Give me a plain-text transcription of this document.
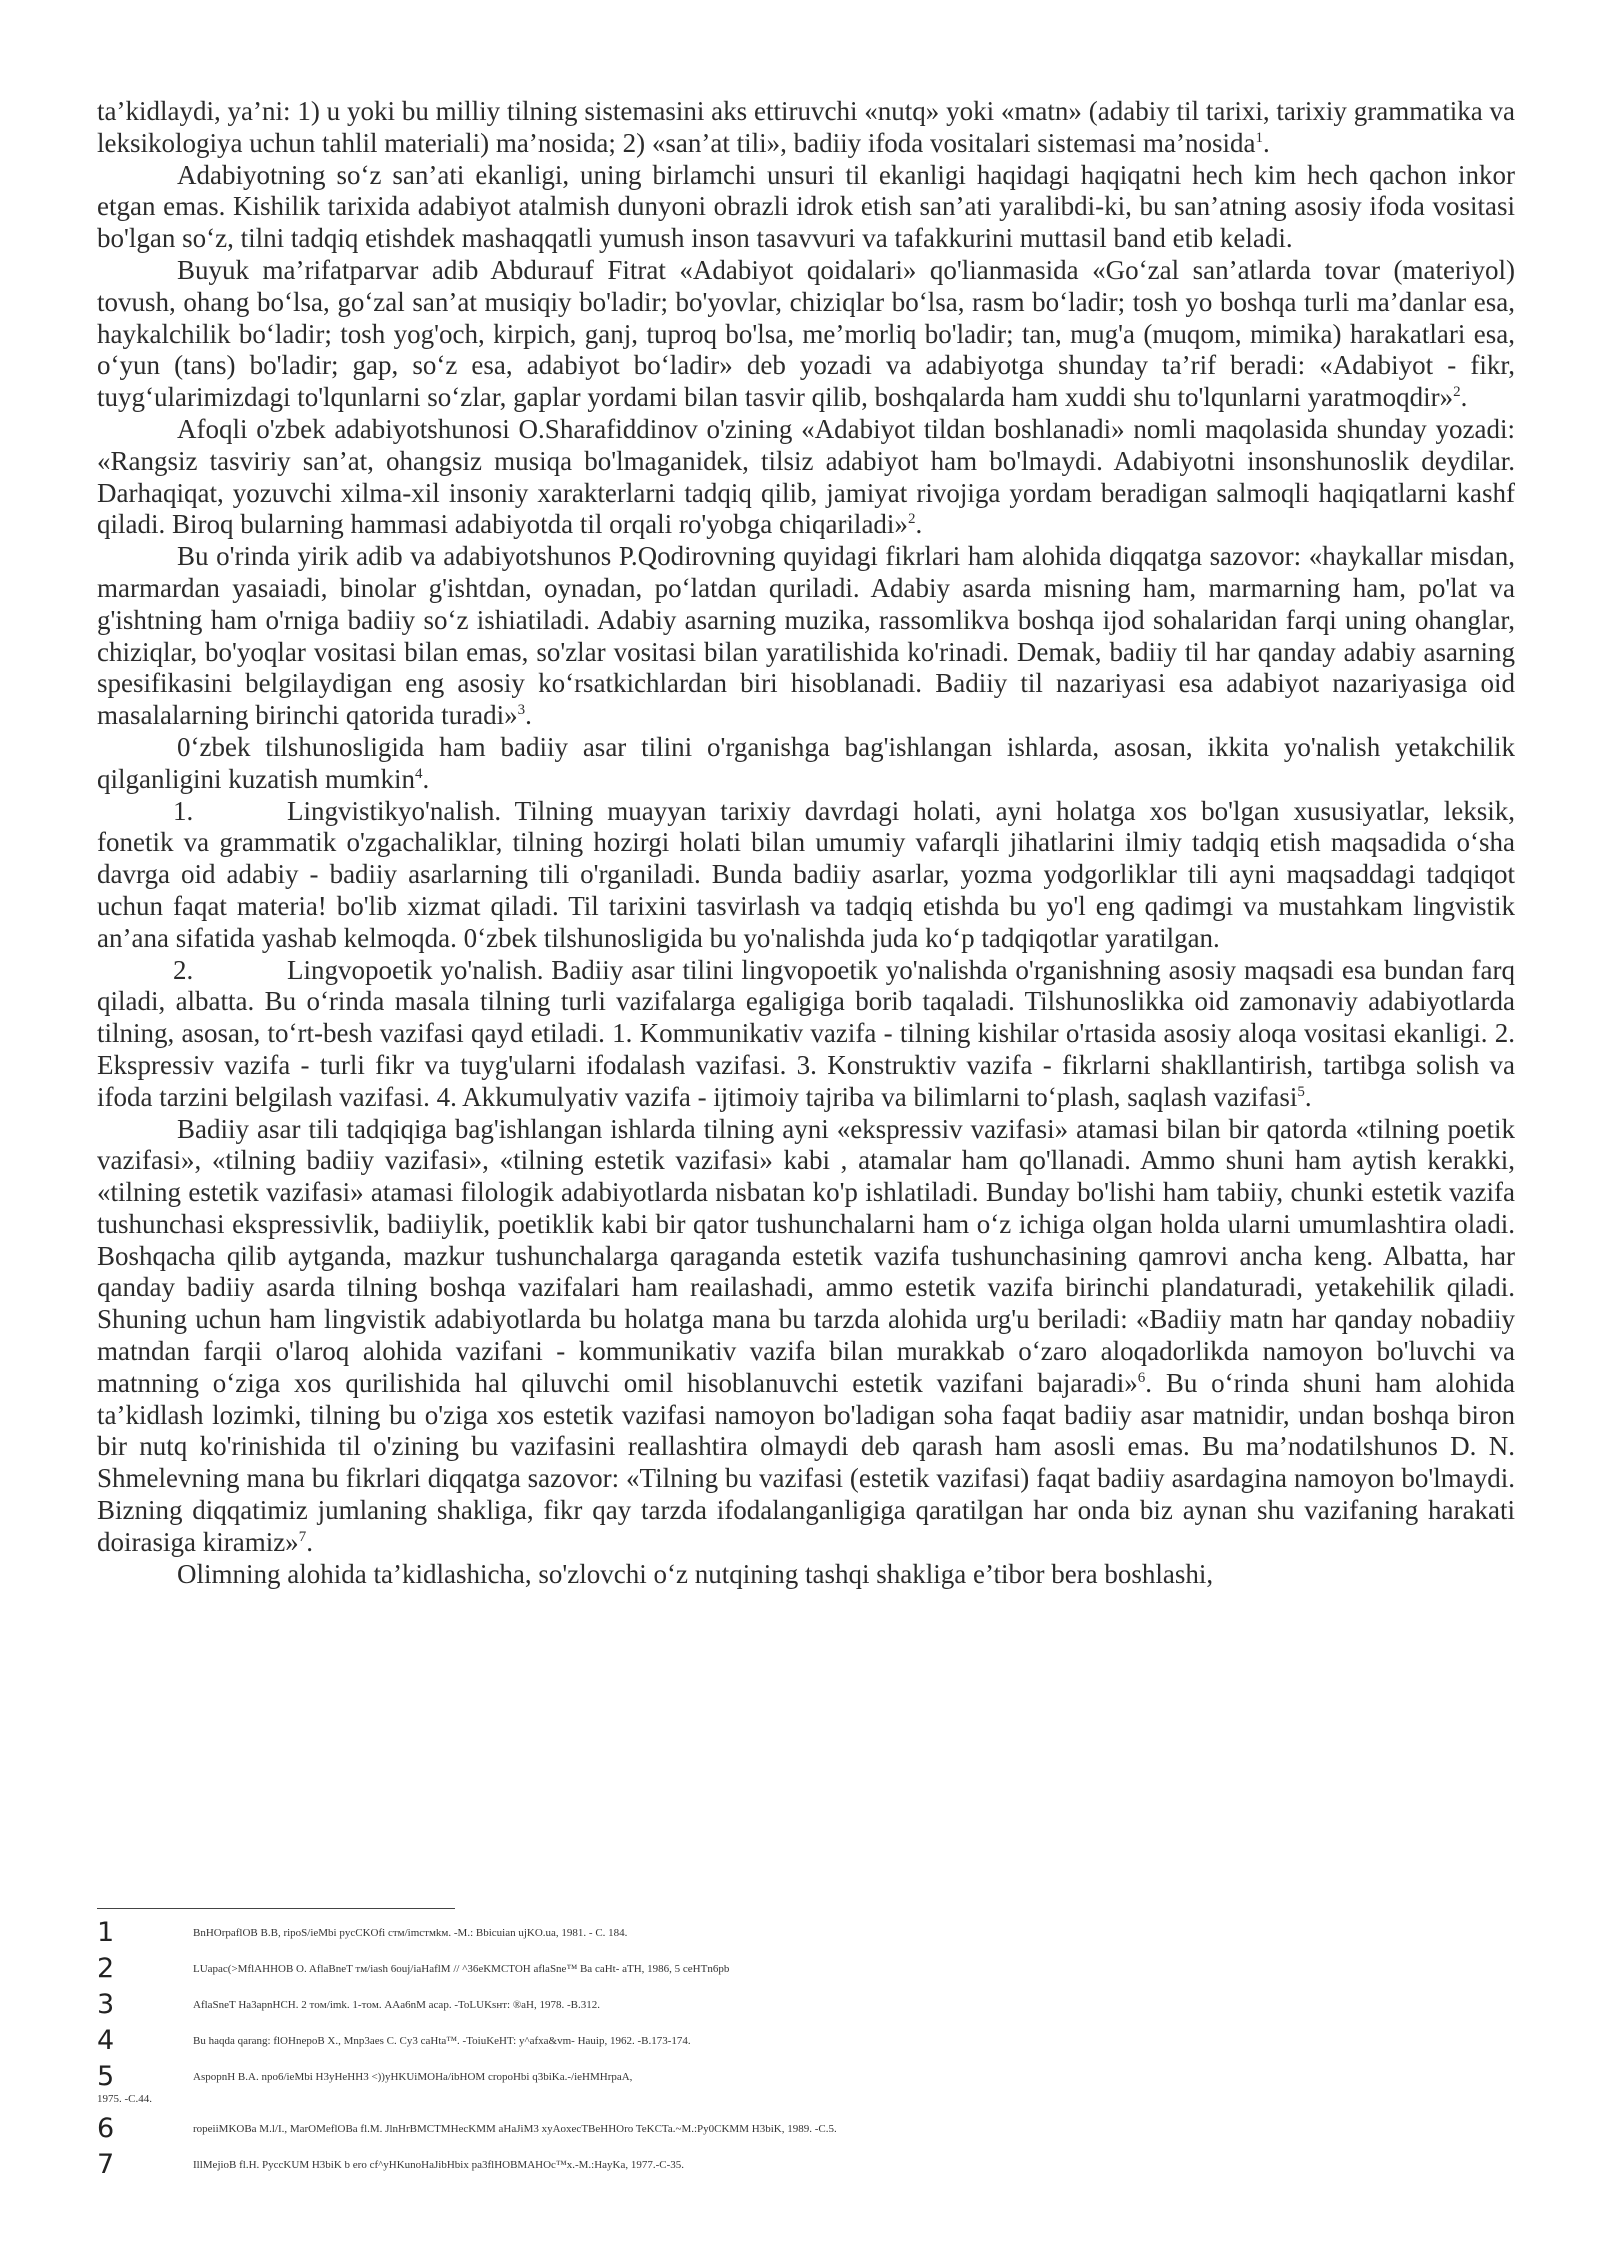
ta’kidlaydi, ya’ni: 1) u yoki bu milliy tilning sistemasini aks ettiruvchi «nutq» yoki «matn» (adabiy til tarixi, tarixiy grammatika va leksikologiya uchun tahlil materiali) ma’nosida; 2) «san’at tili», badiiy ifoda vositalari sistemasi ma’nosida$^1$.

Adabiyotning so‘z san’ati ekanligi, uning birlamchi unsuri til ekanligi haqidagi haqiqatni hech kim hech qachon inkor etgan emas. Kishilik tarixida adabiyot atalmish dunyoni obrazli idrok etish san’ati yaralibdi-ki, bu san’atning asosiy ifoda vositasi bo'lgan so‘z, tilni tadqiq etishdek mashaqqatli yumush inson tasavvuri va tafakkurini muttasil band etib keladi.

Buyuk ma’rifatparvar adib Abdurauf Fitrat «Adabiyot qoidalari» qo'lianmasida «Go‘zal san’atlarda tovar (materiyol) tovush, ohang bo‘lsa, go‘zal san’at musiqiy bo'ladir; bo'yovlar, chiziqlar bo‘lsa, rasm bo‘ladir; tosh yo boshqa turli ma’danlar esa, haykalchilik bo‘ladir; tosh yog'och, kirpich, ganj, tuproq bo'lsa, me’morliq bo'ladir; tan, mug'a (muqom, mimika) harakatlari esa, o‘yun (tans) bo'ladir; gap, so‘z esa, adabiyot bo‘ladir» deb yozadi va adabiyotga shunday ta’rif beradi: «Adabiyot - fikr, tuyg‘ularimizdagi to'lqunlarni so‘zlar, gaplar yordami bilan tasvir qilib, boshqalarda ham xuddi shu to'lqunlarni yaratmoqdir»$^2$.

Afoqli o'zbek adabiyotshunosi O.Sharafiddinov o'zining «Adabiyot tildan boshlanadi» nomli maqolasida shunday yozadi: «Rangsiz tasviriy san’at, ohangsiz musiqa bo'lmaganidek, tilsiz adabiyot ham bo'lmaydi. Adabiyotni insonshunoslik deydilar. Darhaqiqat, yozuvchi xilma-xil insoniy xarakterlarni tadqiq qilib, jamiyat rivojiga yordam beradigan salmoqli haqiqatlarni kashf qiladi. Biroq bularning hammasi adabiyotda til orqali ro'yobga chiqariladi»$^2$.

Bu o'rinda yirik adib va adabiyotshunos P.Qodirovning quyidagi fikrlari ham alohida diqqatga sazovor: «haykallar misdan, marmardan yasaiadi, binolar g'ishtdan, oynadan, po‘latdan quriladi. Adabiy asarda misning ham, marmarning ham, po'lat va g'ishtning ham o'rniga badiiy so‘z ishiatiladi. Adabiy asarning muzika, rassomlikva boshqa ijod sohalaridan farqi uning ohanglar, chiziqlar, bo'yoqlar vositasi bilan emas, so'zlar vositasi bilan yaratilishida ko'rinadi. Demak, badiiy til har qanday adabiy asarning spesifikasini belgilaydigan eng asosiy ko‘rsatkichlardan biri hisoblanadi. Badiiy til nazariyasi esa adabiyot nazariyasiga oid masalalarning birinchi qatorida turadi»$^3$.

0‘zbek tilshunosligida ham badiiy asar tilini o'rganishga bag'ishlangan ishlarda, asosan, ikkita yo'nalish yetakchilik qilganligini kuzatish mumkin$^4$.

1.	Lingvistikyo'nalish. Tilning muayyan tarixiy davrdagi holati, ayni holatga xos bo'lgan xususiyatlar, leksik, fonetik va grammatik o'zgachaliklar, tilning hozirgi holati bilan umumiy vafarqli jihatlarini ilmiy tadqiq etish maqsadida o‘sha davrga oid adabiy - badiiy asarlarning tili o'rganiladi. Bunda badiiy asarlar, yozma yodgorliklar tili ayni maqsaddagi tadqiqot uchun faqat materia! bo'lib xizmat qiladi. Til tarixini tasvirlash va tadqiq etishda bu yo'l eng qadimgi va mustahkam lingvistik an’ana sifatida yashab kelmoqda. 0‘zbek tilshunosligida bu yo'nalishda juda ko‘p tadqiqotlar yaratilgan.

2.	Lingvopoetik yo'nalish. Badiiy asar tilini lingvopoetik yo'nalishda o'rganishning asosiy maqsadi esa bundan farq qiladi, albatta. Bu o‘rinda masala tilning turli vazifalarga egaligiga borib taqaladi. Tilshunoslikka oid zamonaviy adabiyotlarda tilning, asosan, to‘rt-besh vazifasi qayd etiladi. 1. Kommunikativ vazifa - tilning kishilar o'rtasida asosiy aloqa vositasi ekanligi. 2. Ekspressiv vazifa - turli fikr va tuyg'ularni ifodalash vazifasi. 3. Konstruktiv vazifa - fikrlarni shakllantirish, tartibga solish va ifoda tarzini belgilash vazifasi. 4. Akkumulyativ vazifa - ijtimoiy tajriba va bilimlarni to‘plash, saqlash vazifasi$^5$.

Badiiy asar tili tadqiqiga bag'ishlangan ishlarda tilning ayni «ekspressiv vazifasi» atamasi bilan bir qatorda «tilning poetik vazifasi», «tilning badiiy vazifasi», «tilning estetik vazifasi» kabi , atamalar ham qo'llanadi. Ammo shuni ham aytish kerakki, «tilning estetik vazifasi» atamasi filologik adabiyotlarda nisbatan ko'p ishlatiladi. Bunday bo'lishi ham tabiiy, chunki estetik vazifa tushunchasi ekspressivlik, badiiylik, poetiklik kabi bir qator tushunchalarni ham o‘z ichiga olgan holda ularni umumlashtira oladi. Boshqacha qilib aytganda, mazkur tushunchalarga qaraganda estetik vazifa tushunchasining qamrovi ancha keng. Albatta, har qanday badiiy asarda tilning boshqa vazifalari ham reailashadi, ammo estetik vazifa birinchi plandaturadi, yetakehilik qiladi. Shuning uchun ham lingvistik adabiyotlarda bu holatga mana bu tarzda alohida urg'u beriladi: «Badiiy matn har qanday nobadiiy matndan farqii o'laroq alohida vazifani - kommunikativ vazifa bilan murakkab o‘zaro aloqadorlikda namoyon bo'luvchi va matnning o‘ziga xos qurilishida hal qiluvchi omil hisoblanuvchi estetik vazifani bajaradi»$^6$. Bu o‘rinda shuni ham alohida ta’kidlash lozimki, tilning bu o'ziga xos estetik vazifasi namoyon bo'ladigan soha faqat badiiy asar matnidir, undan boshqa biron bir nutq ko'rinishida til o'zining bu vazifasini reallashtira olmaydi deb qarash ham asosli emas. Bu ma’nodatilshunos D. N. Shmelevning mana bu fikrlari diqqatga sazovor: «Tilning bu vazifasi (estetik vazifasi) faqat badiiy asardagina namoyon bo'lmaydi. Bizning diqqatimiz jumlaning shakliga, fikr qay tarzda ifodalanganligiga qaratilgan har onda biz aynan shu vazifaning harakati doirasiga kiramiz»$^7$.

Olimning alohida ta’kidlashicha, so'zlovchi o‘z nutqining tashqi shakliga e’tibor bera boshlashi,

1	BnHOrpaflOB B.B, ripoS/ieMbi pycCKOfi стм/imcтмkм. -M.: Bbicuian ujKO.ua, 1981. - C. 184.
2	LUapac(>MflAHHOB O. AflaBneT тм/iash 6ouj/iaHaflM // ^36eKMCTOH aflaSne™ Ba caHt- aTH, 1986, 5 ceHTn6pb
3	AflaSneT Ha3apnHCH. 2 тoм/imk. 1-тoм. AAa6nM acap. -ToLUKsнт: ®aH, 1978. -B.312.
4	Bu haqda qarang: flOHnepoB X., Mnp3aes C. Cy3 caHta™. -ToiuKeHT: y^afxa&vm- Hauip, 1962. -B.173-174.
5	AspopnH B.A. npo6/ieMbi H3yHeHH3 <))yHKUiMOHa/ibHOM cropoHbi q3biKa.-/ieHMHrpaA,
1975. -C.44.
6	ropeiiMKOBa M.l/I., MarOMeflOBa fl.M. JlnHrBMCTMHecKMM aHaJiM3 xyAoxecTBeHHOro TeKCTa.~M.:Py0CKMM H3biK, 1989. -C.5.
7	IllMejioB fl.H. PyccKUM H3biK b ero cf^yHKunoHaJibHbix pa3flHOBMAHOc™x.-M.:HayKa, 1977.-C-35.
